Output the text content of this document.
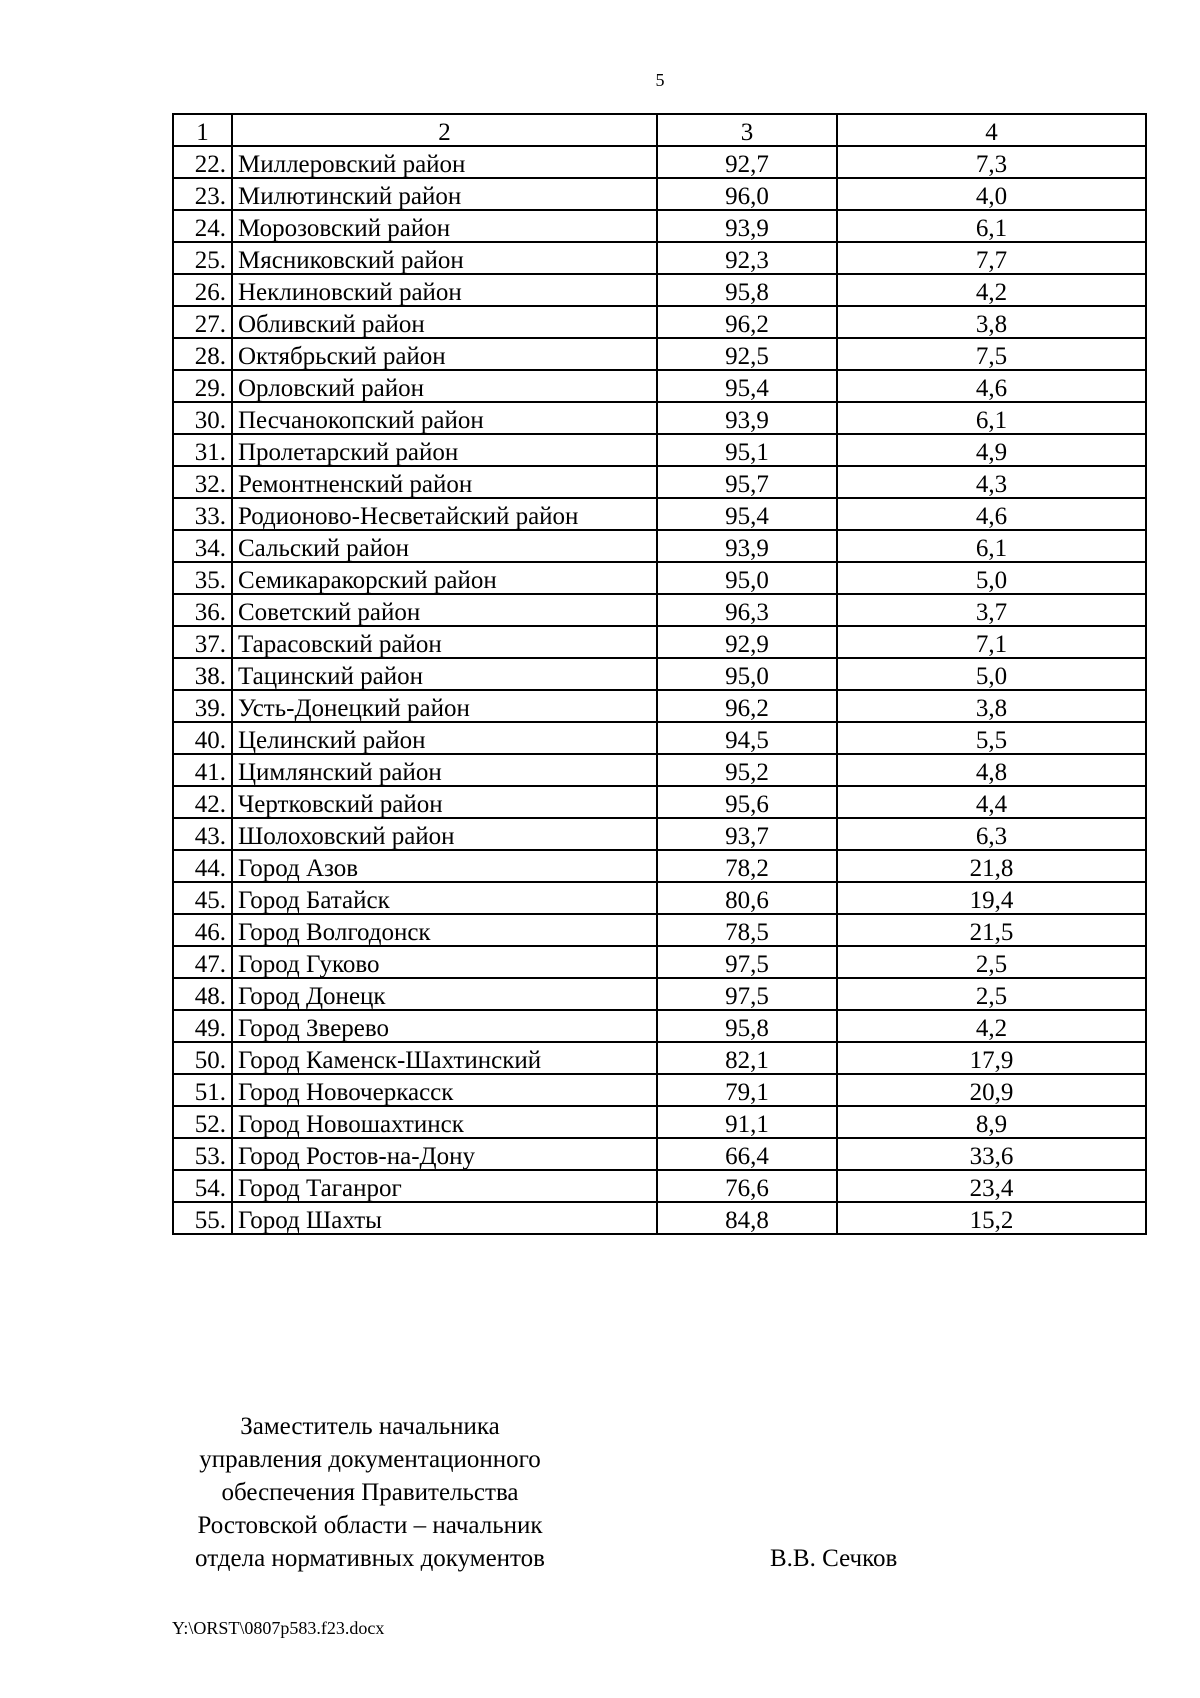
5
1	2	3	4
22.	Миллеровский район	92,7	7,3
23.	Милютинский район	96,0	4,0
24.	Морозовский район	93,9	6,1
25.	Мясниковский район	92,3	7,7
26.	Неклиновский район	95,8	4,2
27.	Обливский район	96,2	3,8
28.	Октябрьский район	92,5	7,5
29.	Орловский район	95,4	4,6
30.	Песчанокопский район	93,9	6,1
31.	Пролетарский район	95,1	4,9
32.	Ремонтненский район	95,7	4,3
33.	Родионово-Несветайский район	95,4	4,6
34.	Сальский район	93,9	6,1
35.	Семикаракорский район	95,0	5,0
36.	Советский район	96,3	3,7
37.	Тарасовский район	92,9	7,1
38.	Тацинский район	95,0	5,0
39.	Усть-Донецкий район	96,2	3,8
40.	Целинский район	94,5	5,5
41.	Цимлянский район	95,2	4,8
42.	Чертковский район	95,6	4,4
43.	Шолоховский район	93,7	6,3
44.	Город Азов	78,2	21,8
45.	Город Батайск	80,6	19,4
46.	Город Волгодонск	78,5	21,5
47.	Город Гуково	97,5	2,5
48.	Город Донецк	97,5	2,5
49.	Город Зверево	95,8	4,2
50.	Город Каменск-Шахтинский	82,1	17,9
51.	Город Новочеркасск	79,1	20,9
52.	Город Новошахтинск	91,1	8,9
53.	Город Ростов-на-Дону	66,4	33,6
54.	Город Таганрог	76,6	23,4
55.	Город Шахты	84,8	15,2
Заместитель начальника
управления документационного
обеспечения Правительства
Ростовской области – начальник
отдела нормативных документов	В.В. Сечков
Y:\ORST\0807p583.f23.docx
